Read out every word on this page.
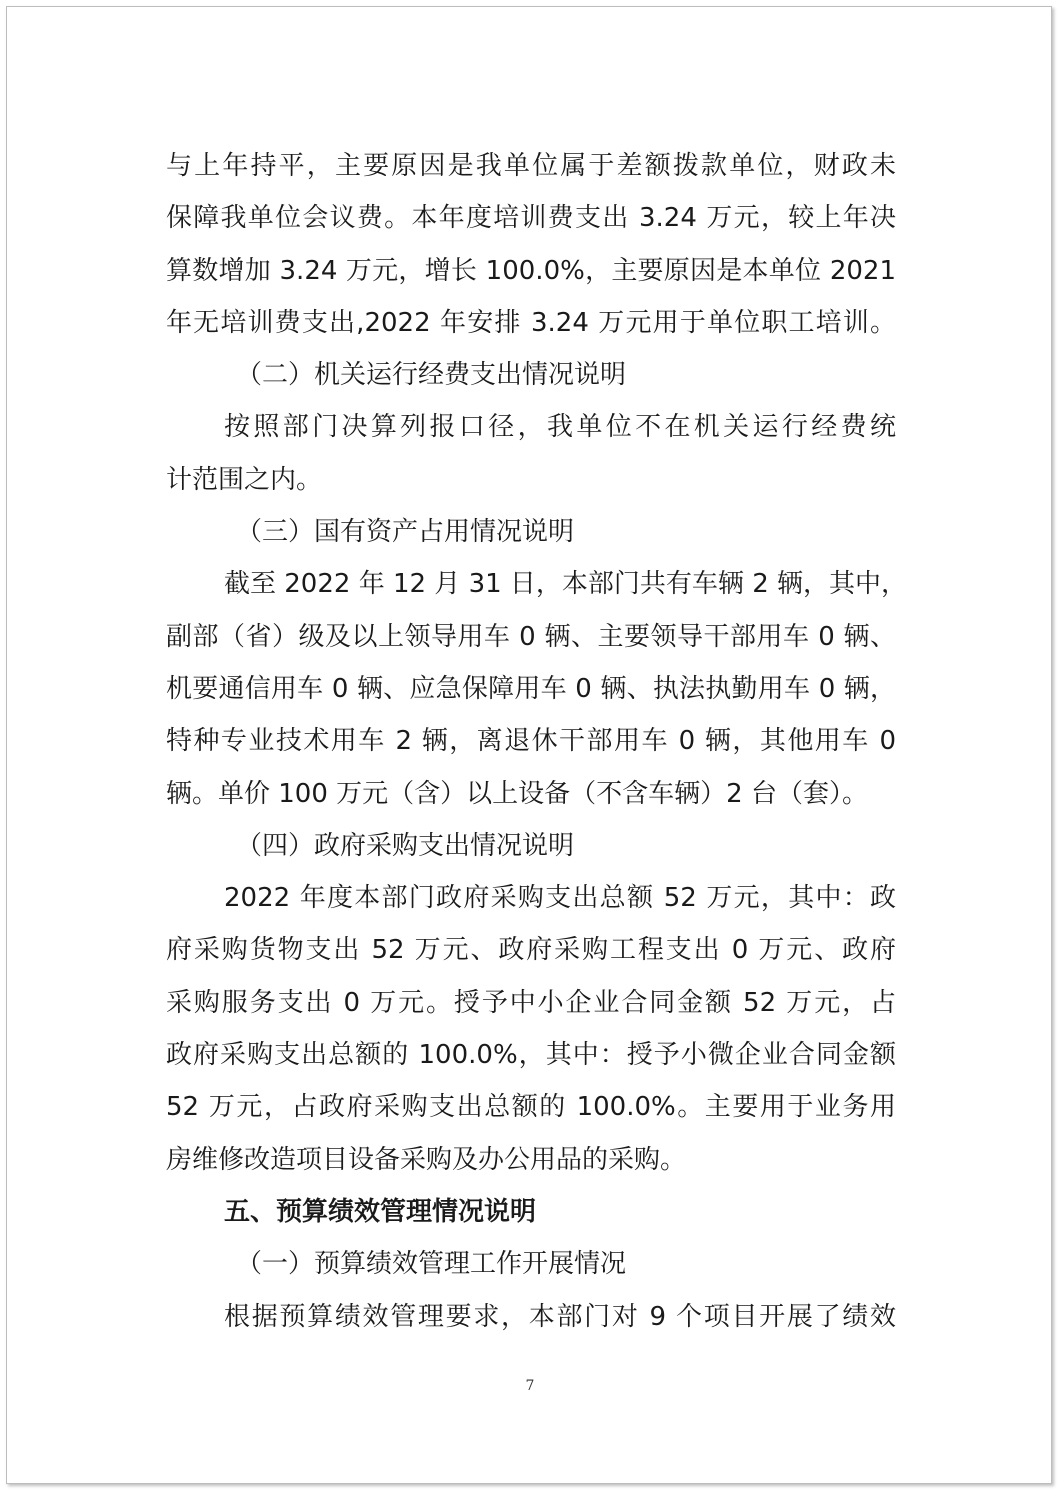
与上年持平，主要原因是我单位属于差额拨款单位，财政未
保障我单位会议费。本年度培训费支出 3.24 万元，较上年决
算数增加 3.24 万元，增长 100.0%，主要原因是本单位 2021
年无培训费支出,2022 年安排 3.24 万元用于单位职工培训。
（二）机关运行经费支出情况说明
按照部门决算列报口径，我单位不在机关运行经费统
计范围之内。
（三）国有资产占用情况说明
截至 2022 年 12 月 31 日，本部门共有车辆 2 辆，其中，
副部（省）级及以上领导用车 0 辆、主要领导干部用车 0 辆、
机要通信用车 0 辆、应急保障用车 0 辆、执法执勤用车 0 辆，
特种专业技术用车 2 辆，离退休干部用车 0 辆，其他用车 0
辆。单价 100 万元（含）以上设备（不含车辆）2 台（套）。
（四）政府采购支出情况说明
2022 年度本部门政府采购支出总额 52 万元，其中：政
府采购货物支出 52 万元、政府采购工程支出 0 万元、政府
采购服务支出 0 万元。授予中小企业合同金额 52 万元，占
政府采购支出总额的 100.0%，其中：授予小微企业合同金额
52 万元，占政府采购支出总额的 100.0%。主要用于业务用
房维修改造项目设备采购及办公用品的采购。
五、预算绩效管理情况说明
（一）预算绩效管理工作开展情况
根据预算绩效管理要求，本部门对 9 个项目开展了绩效
7
